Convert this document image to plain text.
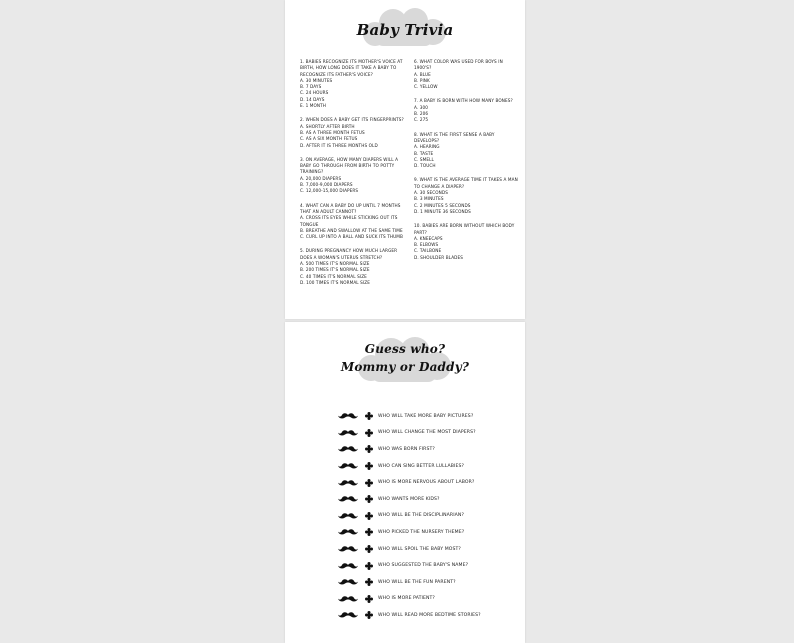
Baby Trivia
1. BABIES RECOGNIZE ITS MOTHER'S VOICE AT BIRTH, HOW LONG DOES IT TAKE A BABY TO RECOGNIZE ITS FATHER'S VOICE?
A. 30 MINUTES
B. 7 DAYS
C. 24 HOURS
D. 14 DAYS
E. 1 MONTH
2. WHEN DOES A BABY GET ITS FINGERPRINTS?
A. SHORTLY AFTER BIRTH
B. AS A THREE MONTH FETUS
C. AS A SIX MONTH FETUS
D. AFTER IT IS THREE MONTHS OLD
3. ON AVERAGE, HOW MANY DIAPERS WILL A BABY GO THROUGH FROM BIRTH TO POTTY TRAINING?
A. 20,000 DIAPERS
B. 7,000-9,000 DIAPERS
C. 12,000-15,000 DIAPERS
4. WHAT CAN A BABY DO UP UNTIL 7 MONTHS THAT AN ADULT CANNOT?
A. CROSS ITS EYES WHILE STICKING OUT ITS TONGUE
B. BREATHE AND SWALLOW AT THE SAME TIME
C. CURL UP INTO A BALL AND SUCK ITS THUMB
5. DURING PREGNANCY HOW MUCH LARGER DOES A WOMAN'S UTERUS STRETCH?
A. 500 TIMES IT'S NORMAL SIZE
B. 200 TIMES IT'S NORMAL SIZE
C. 40 TIMES IT'S NORMAL SIZE
D. 100 TIMES IT'S NORMAL SIZE
6. WHAT COLOR WAS USED FOR BOYS IN 1900'S?
A. BLUE
B. PINK
C. YELLOW
7. A BABY IS BORN WITH HOW MANY BONES?
A. 300
B. 206
C. 275
8. WHAT IS THE FIRST SENSE A BABY DEVELOPS?
A. HEARING
B. TASTE
C. SMELL
D. TOUCH
9. WHAT IS THE AVERAGE TIME IT TAKES A MAN TO CHANGE A DIAPER?
A. 30 SECONDS
B. 3 MINUTES
C. 2 MINUTES 5 SECONDS
D. 1 MINUTE 36 SECONDS
10. BABIES ARE BORN WITHOUT WHICH BODY PART?
A. KNEECAPS
B. ELBOWS
C. TAILBONE
D. SHOULDER BLADES
Guess who?
Mommy or Daddy?
WHO WILL TAKE MORE BABY PICTURES?
WHO WILL CHANGE THE MOST DIAPERS?
WHO WAS BORN FIRST?
WHO CAN SING BETTER LULLABIES?
WHO IS MORE NERVOUS ABOUT LABOR?
WHO WANTS MORE KIDS?
WHO WILL BE THE DISCIPLINARIAN?
WHO PICKED THE NURSERY THEME?
WHO WILL SPOIL THE BABY MOST?
WHO SUGGESTED THE BABY'S NAME?
WHO WILL BE THE FUN PARENT?
WHO IS MORE PATIENT?
WHO WILL READ MORE BEDTIME STORIES?
